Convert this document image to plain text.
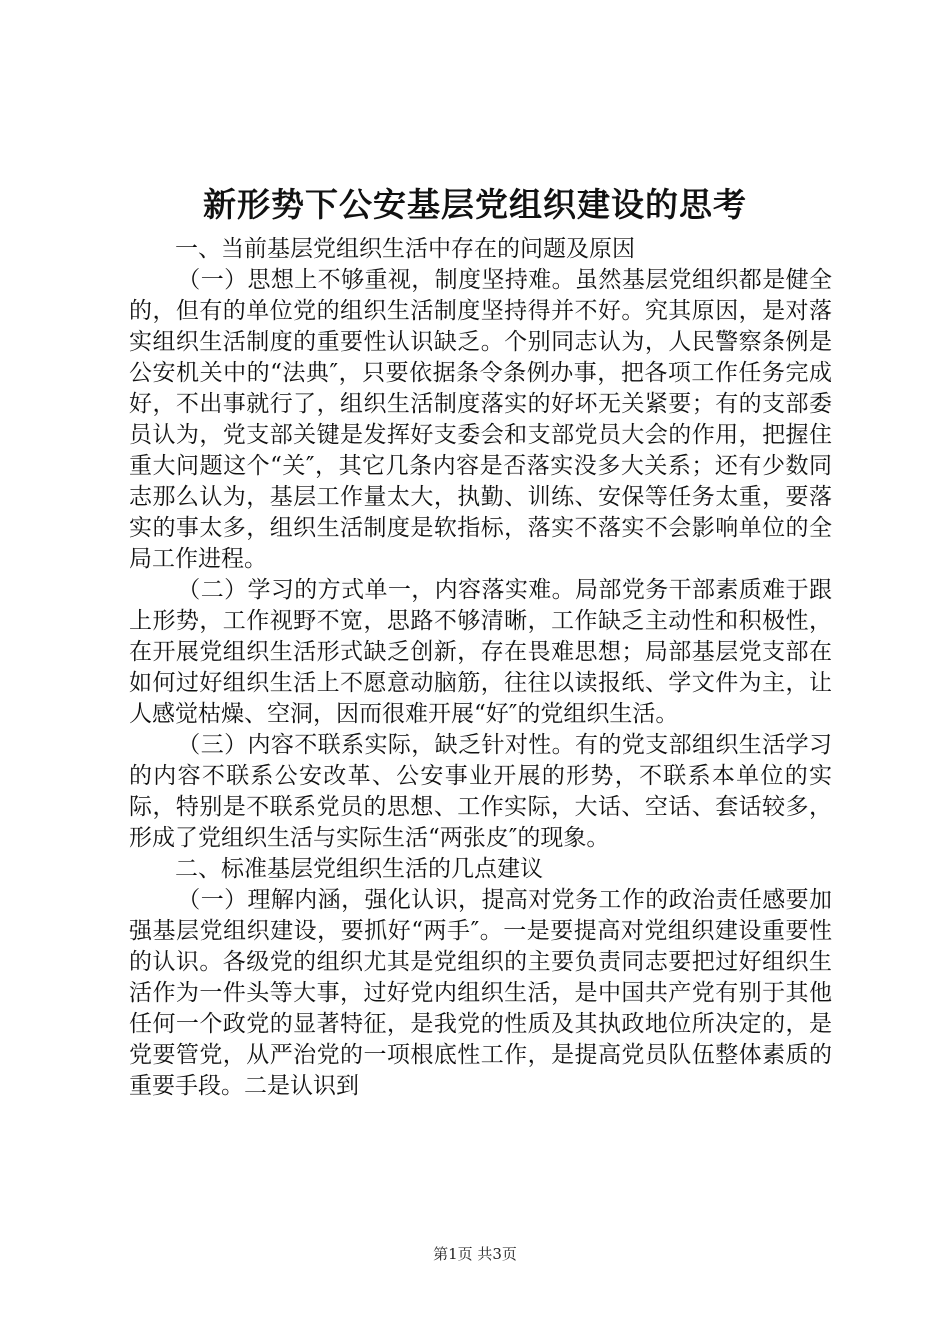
新形势下公安基层党组织建设的思考

一、当前基层党组织生活中存在的问题及原因

（一）思想上不够重视，制度坚持难。虽然基层党组织都是健全的，但有的单位党的组织生活制度坚持得并不好。究其原因，是对落实组织生活制度的重要性认识缺乏。个别同志认为，人民警察条例是公安机关中的“法典″，只要依据条令条例办事，把各项工作任务完成好，不出事就行了，组织生活制度落实的好坏无关紧要；有的支部委员认为，党支部关键是发挥好支委会和支部党员大会的作用，把握住重大问题这个“关″，其它几条内容是否落实没多大关系；还有少数同志那么认为，基层工作量太大，执勤、训练、安保等任务太重，要落实的事太多，组织生活制度是软指标，落实不落实不会影响单位的全局工作进程。

（二）学习的方式单一，内容落实难。局部党务干部素质难于跟上形势，工作视野不宽，思路不够清晰，工作缺乏主动性和积极性，在开展党组织生活形式缺乏创新，存在畏难思想；局部基层党支部在如何过好组织生活上不愿意动脑筋，往往以读报纸、学文件为主，让人感觉枯燥、空洞，因而很难开展“好″的党组织生活。

（三）内容不联系实际，缺乏针对性。有的党支部组织生活学习的内容不联系公安改革、公安事业开展的形势，不联系本单位的实际，特别是不联系党员的思想、工作实际，大话、空话、套话较多，形成了党组织生活与实际生活“两张皮″的现象。

二、标准基层党组织生活的几点建议

（一）理解内涵，强化认识，提高对党务工作的政治责任感要加强基层党组织建设，要抓好“两手″。一是要提高对党组织建设重要性的认识。各级党的组织尤其是党组织的主要负责同志要把过好组织生活作为一件头等大事，过好党内组织生活，是中国共产党有别于其他任何一个政党的显著特征，是我党的性质及其执政地位所决定的，是党要管党，从严治党的一项根底性工作，是提高党员队伍整体素质的重要手段。二是认识到

第1页 共3页
